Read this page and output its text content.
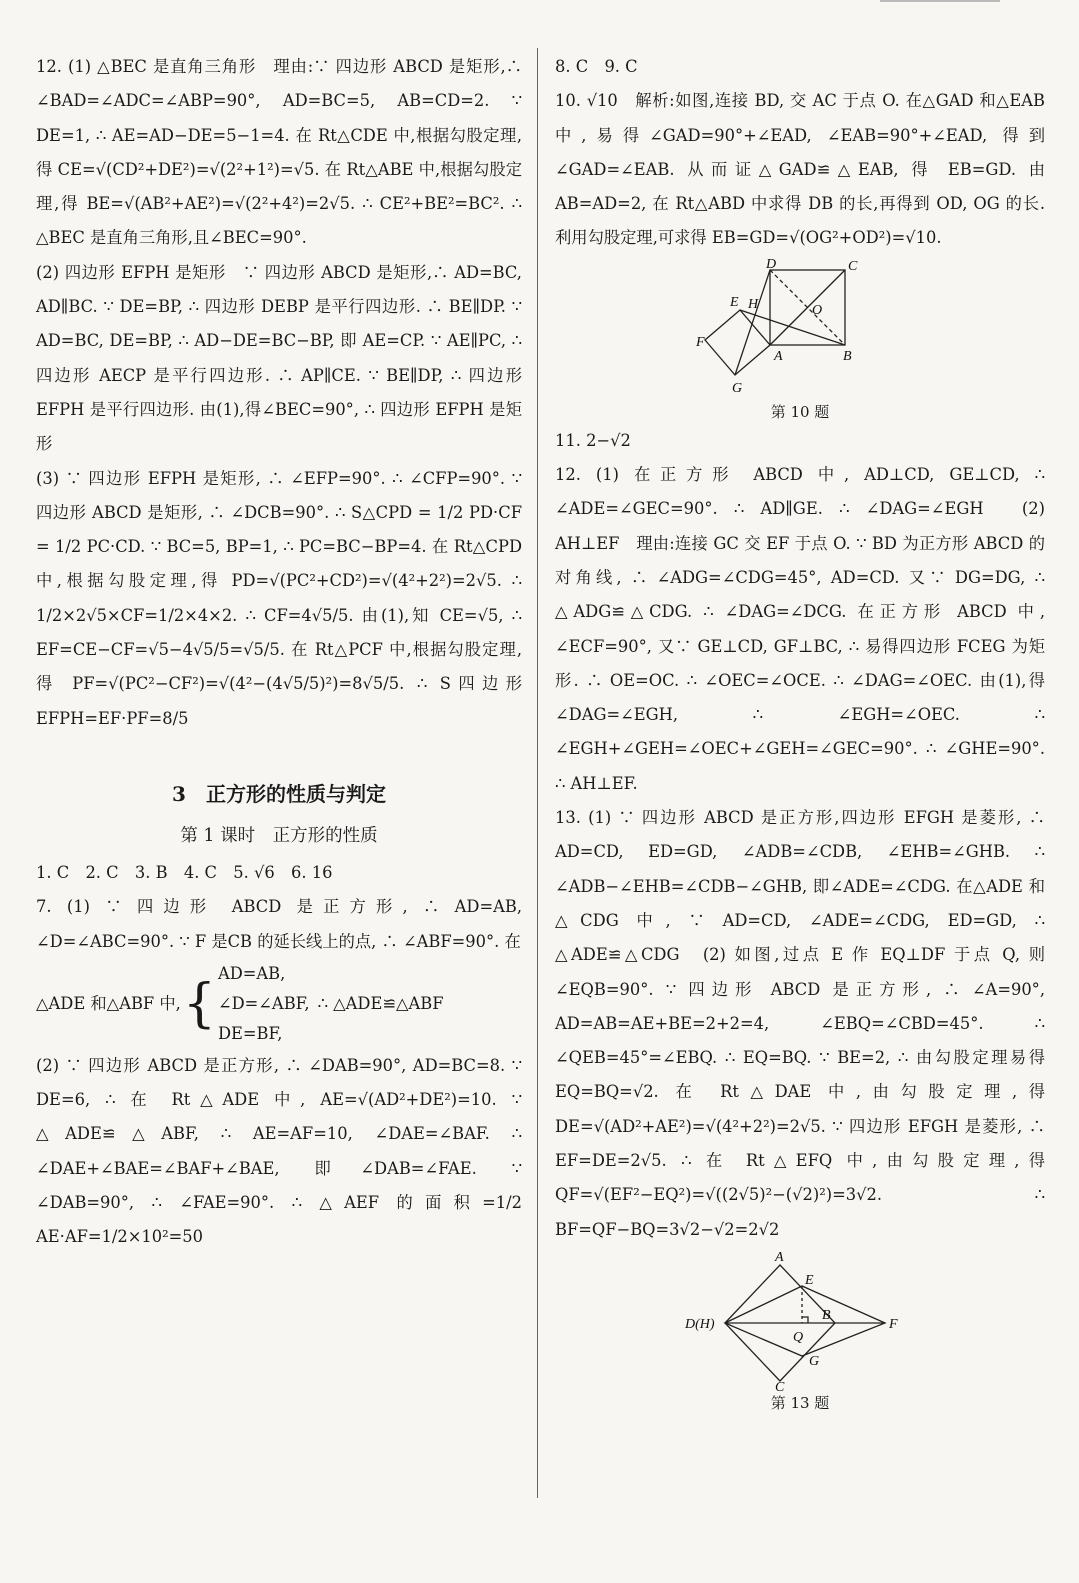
12. (1) △BEC 是直角三角形　理由:∵ 四边形 ABCD 是矩形,∴ ∠BAD=∠ADC=∠ABP=90°, AD=BC=5, AB=CD=2. ∵ DE=1, ∴ AE=AD−DE=5−1=4. 在 Rt△CDE 中,根据勾股定理,得 CE=√(CD²+DE²)=√(2²+1²)=√5. 在 Rt△ABE 中,根据勾股定理,得 BE=√(AB²+AE²)=√(2²+4²)=2√5. ∴ CE²+BE²=BC². ∴ △BEC 是直角三角形,且∠BEC=90°.

(2) 四边形 EFPH 是矩形　∵ 四边形 ABCD 是矩形,∴ AD=BC, AD∥BC. ∵ DE=BP, ∴ 四边形 DEBP 是平行四边形. ∴ BE∥DP. ∵ AD=BC, DE=BP, ∴ AD−DE=BC−BP, 即 AE=CP. ∵ AE∥PC, ∴ 四边形 AECP 是平行四边形. ∴ AP∥CE. ∵ BE∥DP, ∴ 四边形 EFPH 是平行四边形. 由(1),得∠BEC=90°, ∴ 四边形 EFPH 是矩形

(3) ∵ 四边形 EFPH 是矩形, ∴ ∠EFP=90°. ∴ ∠CFP=90°. ∵ 四边形 ABCD 是矩形, ∴ ∠DCB=90°. ∴ S△CPD = 1/2 PD·CF = 1/2 PC·CD. ∵ BC=5, BP=1, ∴ PC=BC−BP=4. 在 Rt△CPD 中,根据勾股定理,得 PD=√(PC²+CD²)=√(4²+2²)=2√5. ∴ 1/2×2√5×CF=1/2×4×2. ∴ CF=4√5/5. 由(1),知 CE=√5, ∴ EF=CE−CF=√5−4√5/5=√5/5. 在 Rt△PCF 中,根据勾股定理,得 PF=√(PC²−CF²)=√(4²−(4√5/5)²)=8√5/5. ∴ S四边形EFPH=EF·PF=8/5

3　正方形的性质与判定
第 1 课时　正方形的性质

1. C　2. C　3. B　4. C　5. √6　6. 16

7. (1) ∵ 四边形 ABCD 是正方形, ∴ AD=AB, ∠D=∠ABC=90°. ∵ F 是CB 的延长线上的点, ∴ ∠ABF=90°. 在

△ADE 和△ABF 中, {
AD=AB,
∠D=∠ABF,
DE=BF,
∴ △ADE≌△ABF

(2) ∵ 四边形 ABCD 是正方形, ∴ ∠DAB=90°, AD=BC=8. ∵ DE=6, ∴ 在 Rt△ADE 中, AE=√(AD²+DE²)=10. ∵ △ADE≌△ABF, ∴ AE=AF=10, ∠DAE=∠BAF. ∴ ∠DAE+∠BAE=∠BAF+∠BAE, 即∠DAB=∠FAE. ∵ ∠DAB=90°, ∴ ∠FAE=90°. ∴ △AEF 的面积=1/2 AE·AF=1/2×10²=50

8. C　9. C

10. √10　解析:如图,连接 BD, 交 AC 于点 O. 在△GAD 和△EAB 中,易得∠GAD=90°+∠EAD, ∠EAB=90°+∠EAD, 得到∠GAD=∠EAB. 从而证△GAD≌△EAB, 得 EB=GD. 由 AB=AD=2, 在 Rt△ABD 中求得 DB 的长,再得到 OD, OG 的长. 利用勾股定理,可求得 EB=GD=√(OG²+OD²)=√10.

D	C
E H	O
F
A	B
G
第 10 题

11. 2−√2

12. (1) 在正方形 ABCD 中, AD⊥CD, GE⊥CD, ∴ ∠ADE=∠GEC=90°. ∴ AD∥GE. ∴ ∠DAG=∠EGH　(2) AH⊥EF　理由:连接 GC 交 EF 于点 O. ∵ BD 为正方形 ABCD 的对角线, ∴ ∠ADG=∠CDG=45°, AD=CD. 又∵ DG=DG, ∴ △ADG≌△CDG. ∴ ∠DAG=∠DCG. 在正方形 ABCD 中, ∠ECF=90°, 又∵ GE⊥CD, GF⊥BC, ∴ 易得四边形 FCEG 为矩形. ∴ OE=OC. ∴ ∠OEC=∠OCE. ∴ ∠DAG=∠OEC. 由(1),得∠DAG=∠EGH, ∴ ∠EGH=∠OEC. ∴ ∠EGH+∠GEH=∠OEC+∠GEH=∠GEC=90°. ∴ ∠GHE=90°. ∴ AH⊥EF.

13. (1) ∵ 四边形 ABCD 是正方形,四边形 EFGH 是菱形, ∴ AD=CD, ED=GD, ∠ADB=∠CDB, ∠EHB=∠GHB. ∴ ∠ADB−∠EHB=∠CDB−∠GHB, 即∠ADE=∠CDG. 在△ADE 和△CDG 中, ∵ AD=CD, ∠ADE=∠CDG, ED=GD, ∴ △ADE≌△CDG　(2) 如图,过点 E 作 EQ⊥DF 于点 Q, 则∠EQB=90°. ∵ 四边形 ABCD 是正方形, ∴ ∠A=90°, AD=AB=AE+BE=2+2=4, ∠EBQ=∠CBD=45°. ∴ ∠QEB=45°=∠EBQ. ∴ EQ=BQ. ∵ BE=2, ∴ 由勾股定理易得 EQ=BQ=√2. 在 Rt△DAE 中,由勾股定理,得 DE=√(AD²+AE²)=√(4²+2²)=2√5. ∵ 四边形 EFGH 是菱形, ∴ EF=DE=2√5. ∴ 在 Rt△EFQ 中,由勾股定理,得 QF=√(EF²−EQ²)=√((2√5)²−(√2)²)=3√2. ∴ BF=QF−BQ=3√2−√2=2√2

A
E
D(H)
Q
B
F
G
C
第 13 题
